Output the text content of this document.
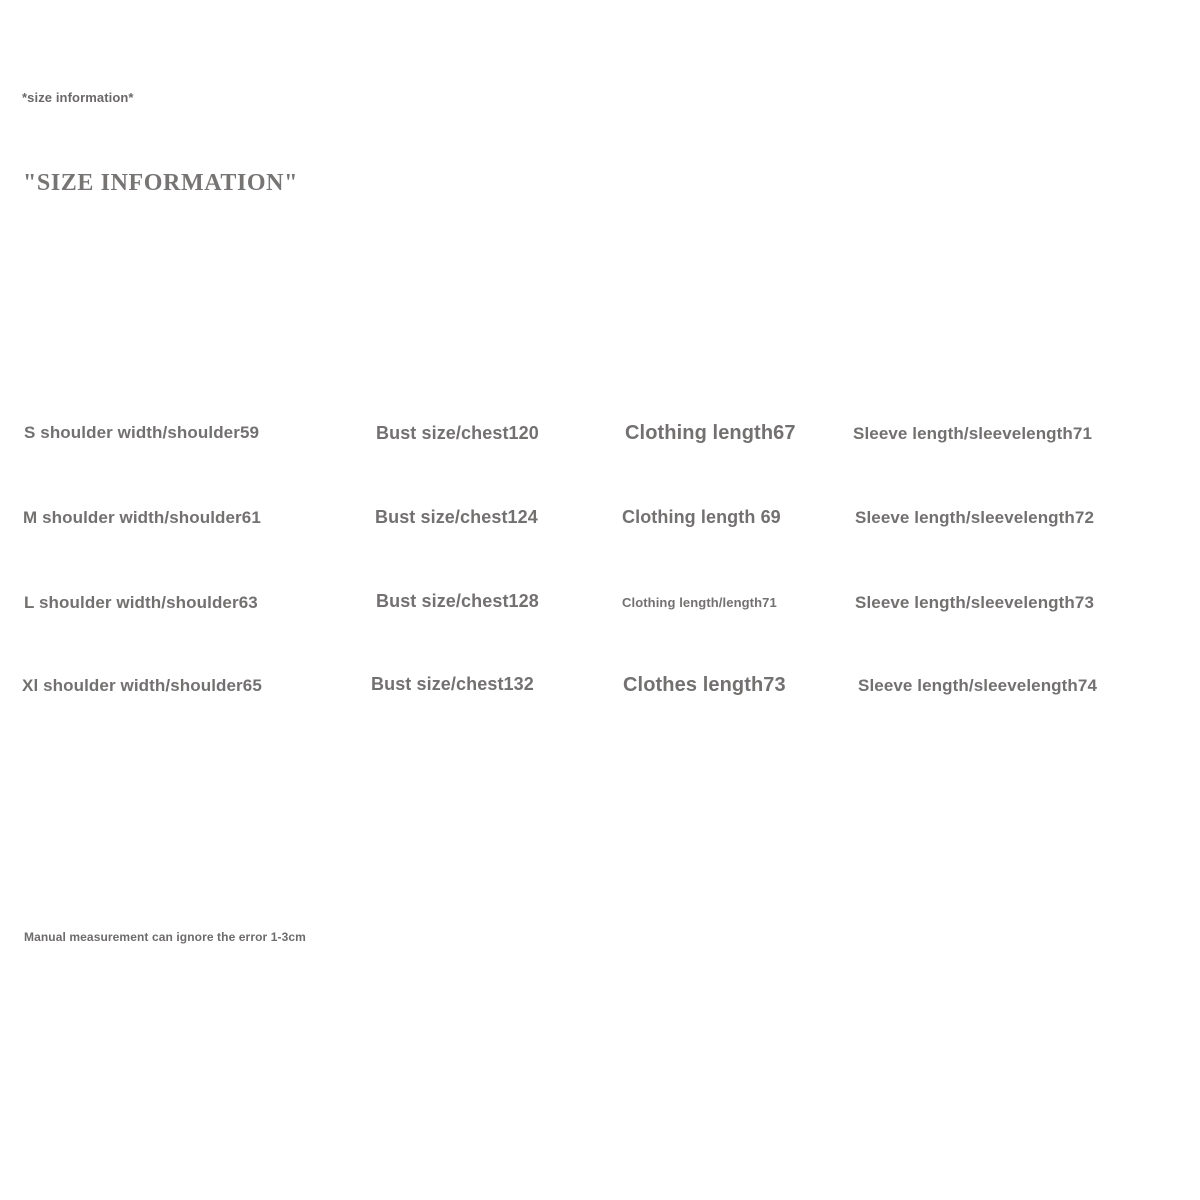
*size information*
"SIZE INFORMATION"
S shoulder width/shoulder59	Bust size/chest120	Clothing length67	Sleeve length/sleevelength71
M shoulder width/shoulder61	Bust size/chest124	Clothing length 69	Sleeve length/sleevelength72
L shoulder width/shoulder63	Bust size/chest128	Clothing length/length71	Sleeve length/sleevelength73
Xl shoulder width/shoulder65	Bust size/chest132	Clothes length73	Sleeve length/sleevelength74
Manual measurement can ignore the error 1-3cm
